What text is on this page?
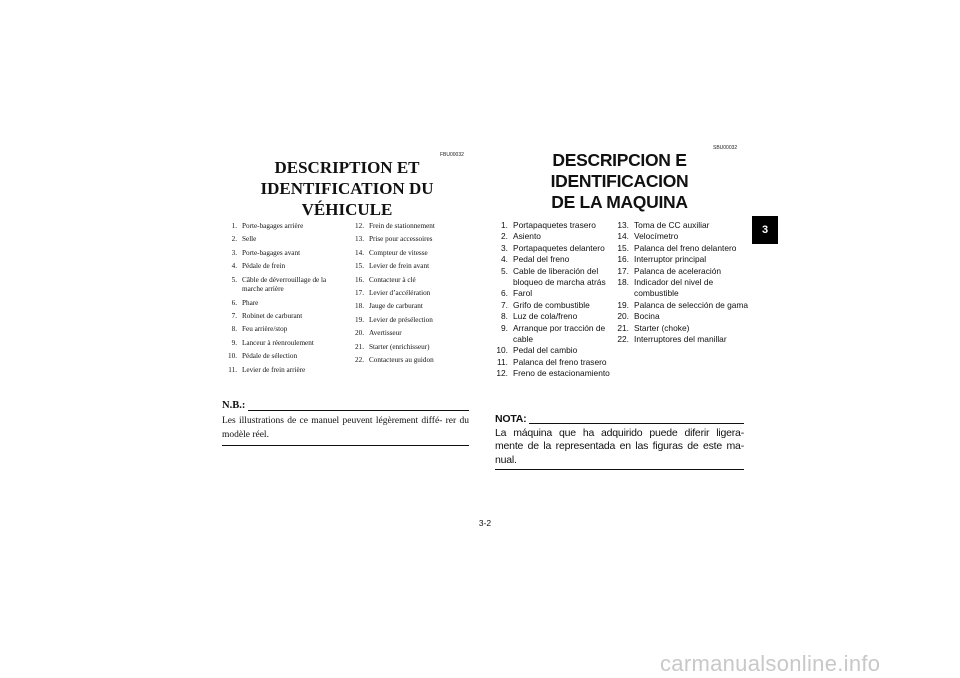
FBU00032
DESCRIPTION ET
IDENTIFICATION DU VÉHICULE
SBU00032
DESCRIPCION E IDENTIFICACION
DE LA MAQUINA
1. Porte-bagages arrière
2. Selle
3. Porte-bagages avant
4. Pédale de frein
5. Câble de déverrouillage de la marche arrière
6. Phare
7. Robinet de carburant
8. Feu arrière/stop
9. Lanceur à réenroulement
10. Pédale de sélection
11. Levier de frein arrière
12. Frein de stationnement
13. Prise pour accessoires
14. Compteur de vitesse
15. Levier de frein avant
16. Contacteur à clé
17. Levier d’accélération
18. Jauge de carburant
19. Levier de présélection
20. Avertisseur
21. Starter (enrichisseur)
22. Contacteurs au guidon
1. Portapaquetes trasero
2. Asiento
3. Portapaquetes delantero
4. Pedal del freno
5. Cable de liberación del bloqueo de marcha atrás
6. Farol
7. Grifo de combustible
8. Luz de cola/freno
9. Arranque por tracción de cable
10. Pedal del cambio
11. Palanca del freno trasero
12. Freno de estacionamiento
13. Toma de CC auxiliar
14. Velocímetro
15. Palanca del freno delantero
16. Interruptor principal
17. Palanca de aceleración
18. Indicador del nivel de combustible
19. Palanca de selección de gama
20. Bocina
21. Starter (choke)
22. Interruptores del manillar
N.B.:
Les illustrations de ce manuel peuvent légèrement diffé- rer du modèle réel.
NOTA:
La máquina que ha adquirido puede diferir ligera- mente de la representada en las figuras de este ma- nual.
3-2
3
carmanualsonline.info
